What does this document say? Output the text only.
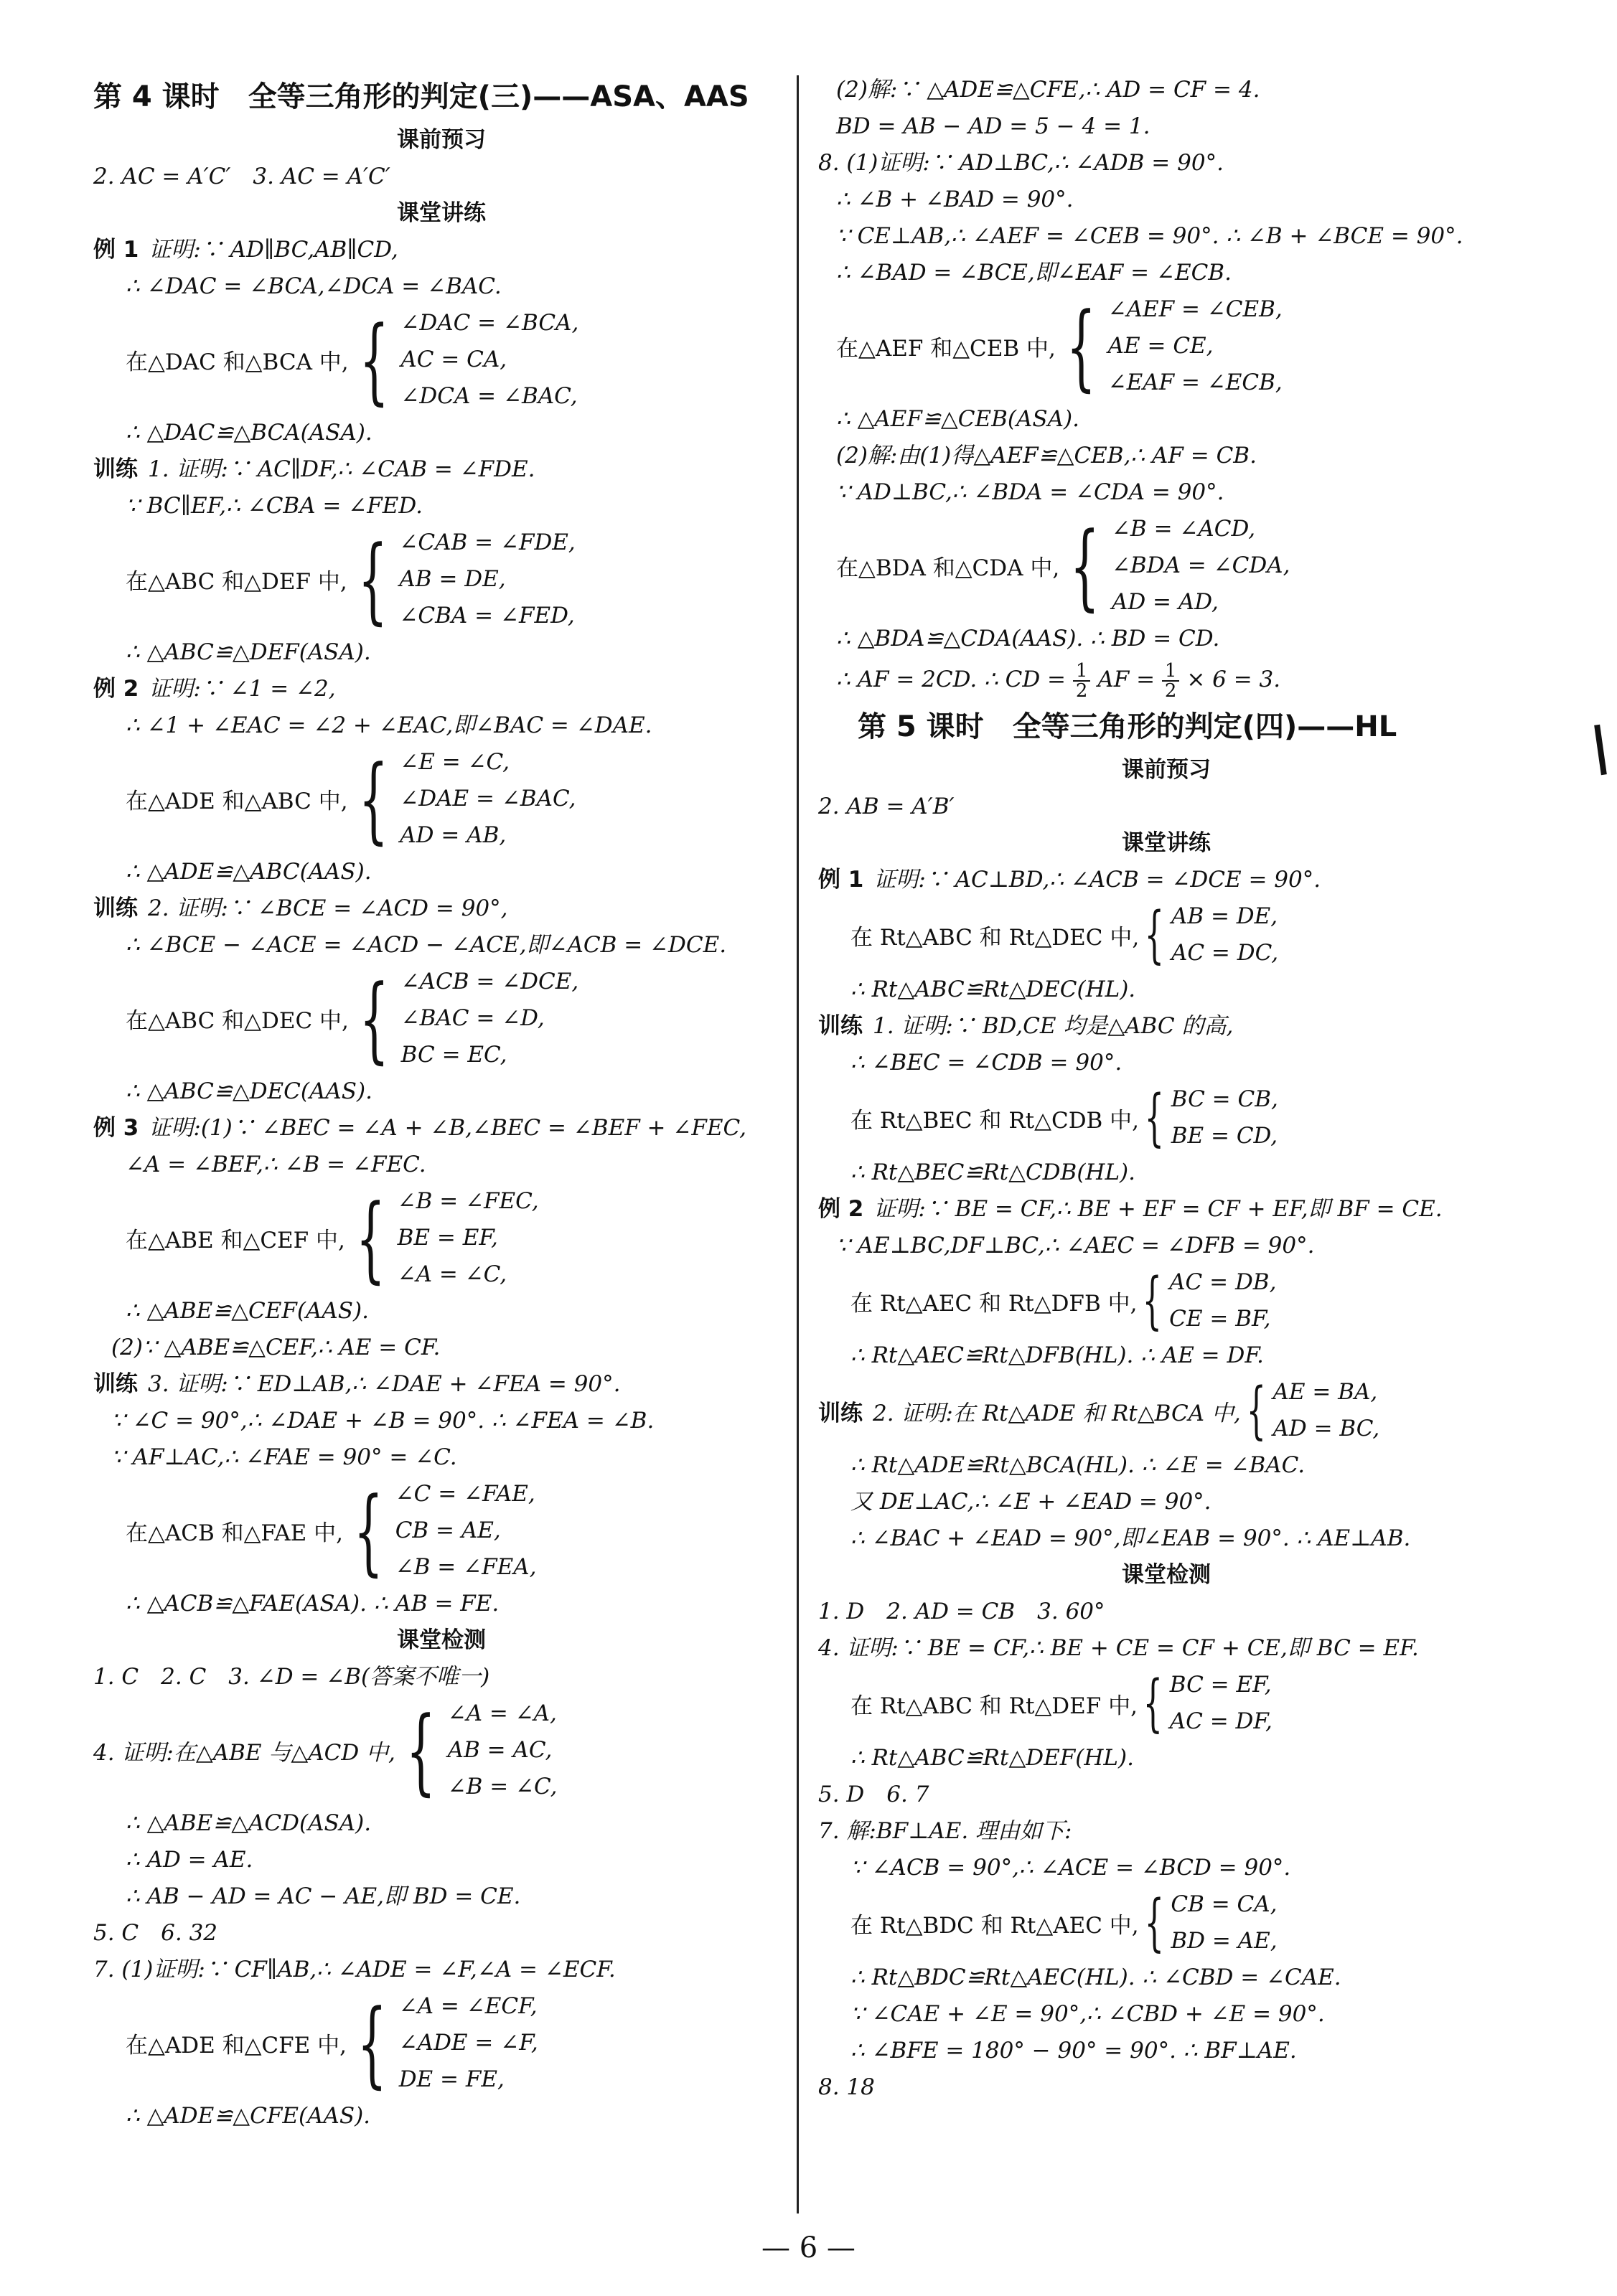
第 4 课时　全等三角形的判定(三)——ASA、AAS
课前预习
2. AC = A′C′　3. AC = A′C′
课堂讲练
例 1 证明:∵ AD∥BC,AB∥CD,
∴ ∠DAC = ∠BCA,∠DCA = ∠BAC.
在△DAC 和△BCA 中, { ∠DAC = ∠BCA,
AC = CA,
∠DCA = ∠BAC,
∴ △DAC≌△BCA(ASA).
训练 1. 证明:∵ AC∥DF,∴ ∠CAB = ∠FDE.
∵ BC∥EF,∴ ∠CBA = ∠FED.
在△ABC 和△DEF 中, { ∠CAB = ∠FDE,
AB = DE,
∠CBA = ∠FED,
∴ △ABC≌△DEF(ASA).
例 2 证明:∵ ∠1 = ∠2,
∴ ∠1 + ∠EAC = ∠2 + ∠EAC,即∠BAC = ∠DAE.
在△ADE 和△ABC 中, { ∠E = ∠C,
∠DAE = ∠BAC,
AD = AB,
∴ △ADE≌△ABC(AAS).
训练 2. 证明:∵ ∠BCE = ∠ACD = 90°,
∴ ∠BCE − ∠ACE = ∠ACD − ∠ACE,即∠ACB = ∠DCE.
在△ABC 和△DEC 中, { ∠ACB = ∠DCE,
∠BAC = ∠D,
BC = EC,
∴ △ABC≌△DEC(AAS).
例 3 证明:(1)∵ ∠BEC = ∠A + ∠B,∠BEC = ∠BEF + ∠FEC,
∠A = ∠BEF,∴ ∠B = ∠FEC.
在△ABE 和△CEF 中, { ∠B = ∠FEC,
BE = EF,
∠A = ∠C,
∴ △ABE≌△CEF(AAS).
(2)∵ △ABE≌△CEF,∴ AE = CF.
训练 3. 证明:∵ ED⊥AB,∴ ∠DAE + ∠FEA = 90°.
∵ ∠C = 90°,∴ ∠DAE + ∠B = 90°. ∴ ∠FEA = ∠B.
∵ AF⊥AC,∴ ∠FAE = 90° = ∠C.
在△ACB 和△FAE 中, { ∠C = ∠FAE,
CB = AE,
∠B = ∠FEA,
∴ △ACB≌△FAE(ASA). ∴ AB = FE.
课堂检测
1. C　2. C　3. ∠D = ∠B(答案不唯一)
4. 证明:在△ABE 与△ACD 中, { ∠A = ∠A,
AB = AC,
∠B = ∠C,
∴ △ABE≌△ACD(ASA).
∴ AD = AE.
∴ AB − AD = AC − AE,即 BD = CE.
5. C　6. 32
7. (1)证明:∵ CF∥AB,∴ ∠ADE = ∠F,∠A = ∠ECF.
在△ADE 和△CFE 中, { ∠A = ∠ECF,
∠ADE = ∠F,
DE = FE,
∴ △ADE≌△CFE(AAS).
(2)解:∵ △ADE≌△CFE,∴ AD = CF = 4.
BD = AB − AD = 5 − 4 = 1.
8. (1)证明:∵ AD⊥BC,∴ ∠ADB = 90°.
∴ ∠B + ∠BAD = 90°.
∵ CE⊥AB,∴ ∠AEF = ∠CEB = 90°. ∴ ∠B + ∠BCE = 90°.
∴ ∠BAD = ∠BCE,即∠EAF = ∠ECB.
在△AEF 和△CEB 中, { ∠AEF = ∠CEB,
AE = CE,
∠EAF = ∠ECB,
∴ △AEF≌△CEB(ASA).
(2)解:由(1)得△AEF≌△CEB,∴ AF = CB.
∵ AD⊥BC,∴ ∠BDA = ∠CDA = 90°.
在△BDA 和△CDA 中, { ∠B = ∠ACD,
∠BDA = ∠CDA,
AD = AD,
∴ △BDA≌△CDA(AAS). ∴ BD = CD.
∴ AF = 2CD. ∴ CD = $\frac{1}{2}$ AF = $\frac{1}{2} \times 6 = 3$.
第 5 课时　全等三角形的判定(四)——HL
课前预习
2. AB = A′B′
课堂讲练
例 1 证明:∵ AC⊥BD,∴ ∠ACB = ∠DCE = 90°.
在 Rt△ABC 和 Rt△DEC 中, { AB = DE,
AC = DC,
∴ Rt△ABC≌Rt△DEC(HL).
训练 1. 证明:∵ BD,CE 均是△ABC 的高,
∴ ∠BEC = ∠CDB = 90°.
在 Rt△BEC 和 Rt△CDB 中, { BC = CB,
BE = CD,
∴ Rt△BEC≌Rt△CDB(HL).
例 2 证明:∵ BE = CF,∴ BE + EF = CF + EF,即 BF = CE.
∵ AE⊥BC,DF⊥BC,∴ ∠AEC = ∠DFB = 90°.
在 Rt△AEC 和 Rt△DFB 中, { AC = DB,
CE = BF,
∴ Rt△AEC≌Rt△DFB(HL). ∴ AE = DF.
训练 2. 证明:在 Rt△ADE 和 Rt△BCA 中, { AE = BA,
AD = BC,
∴ Rt△ADE≌Rt△BCA(HL). ∴ ∠E = ∠BAC.
又 DE⊥AC,∴ ∠E + ∠EAD = 90°.
∴ ∠BAC + ∠EAD = 90°,即∠EAB = 90°. ∴ AE⊥AB.
课堂检测
1. D　2. AD = CB　3. 60°
4. 证明:∵ BE = CF,∴ BE + CE = CF + CE,即 BC = EF.
在 Rt△ABC 和 Rt△DEF 中, { BC = EF,
AC = DF,
∴ Rt△ABC≌Rt△DEF(HL).
5. D　6. 7
7. 解:BF⊥AE. 理由如下:
∵ ∠ACB = 90°,∴ ∠ACE = ∠BCD = 90°.
在 Rt△BDC 和 Rt△AEC 中, { CB = CA,
BD = AE,
∴ Rt△BDC≌Rt△AEC(HL). ∴ ∠CBD = ∠CAE.
∵ ∠CAE + ∠E = 90°,∴ ∠CBD + ∠E = 90°.
∴ ∠BFE = 180° − 90° = 90°. ∴ BF⊥AE.
8. 18
— 6 —
